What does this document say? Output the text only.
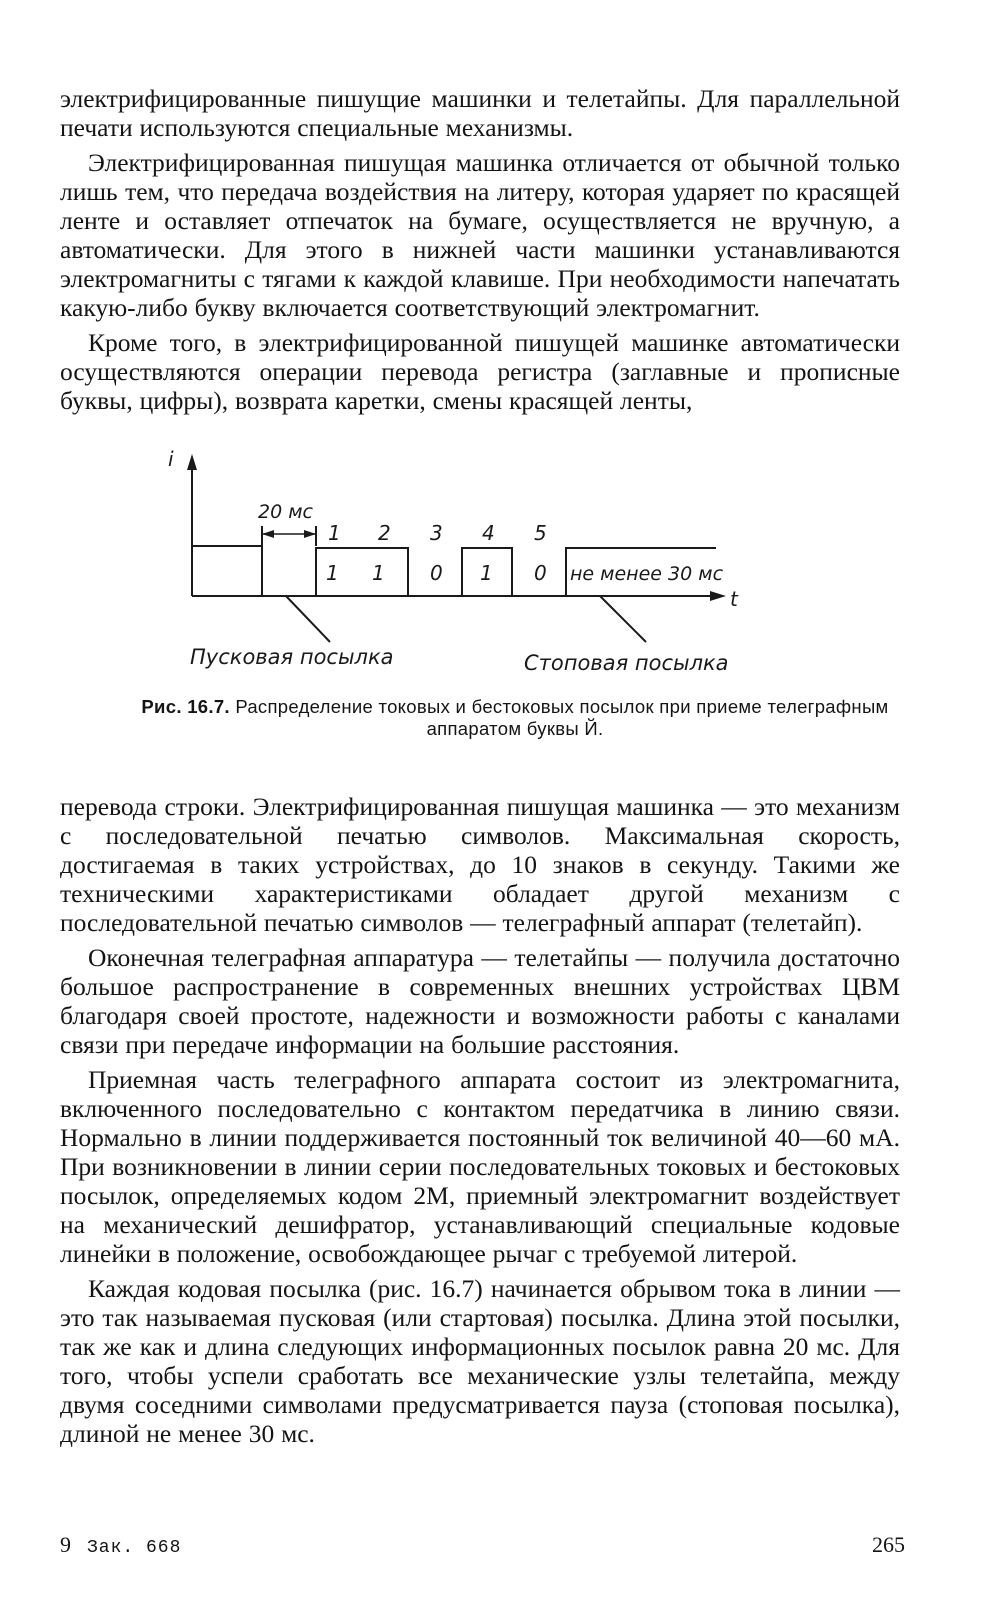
электрифицированные пишущие машинки и телетайпы. Для параллельной печати используются специальные механизмы.

Электрифицированная пишущая машинка отличается от обычной только лишь тем, что передача воздействия на литеру, которая ударяет по красящей ленте и оставляет отпечаток на бумаге, осуществляется не вручную, а автоматически. Для этого в нижней части машинки устанавливаются электромагниты с тягами к каждой клавише. При необходимости напечатать какую-либо букву включается соответствующий электромагнит.

Кроме того, в электрифицированной пишущей машинке автоматически осуществляются операции перевода регистра (заглавные и прописные буквы, цифры), возврата каретки, смены красящей ленты,

i
t
20 мс
1 2 3 4 5
1 1 0 1 0 не менее 30 мс
Пусковая посылка	Стоповая посылка
Рис. 16.7. Распределение токовых и бестоковых посылок при приеме телеграфным аппаратом буквы Й.

перевода строки. Электрифицированная пишущая машинка — это механизм с последовательной печатью символов. Максимальная скорость, достигаемая в таких устройствах, до 10 знаков в секунду. Такими же техническими характеристиками обладает другой механизм с последовательной печатью символов — телеграфный аппарат (телетайп).

Оконечная телеграфная аппаратура — телетайпы — получила достаточно большое распространение в современных внешних устройствах ЦВМ благодаря своей простоте, надежности и возможности работы с каналами связи при передаче информации на большие расстояния.

Приемная часть телеграфного аппарата состоит из электромагнита, включенного последовательно с контактом передатчика в линию связи. Нормально в линии поддерживается постоянный ток величиной 40—60 мА. При возникновении в линии серии последовательных токовых и бестоковых посылок, определяемых кодом 2М, приемный электромагнит воздействует на механический дешифратор, устанавливающий специальные кодовые линейки в положение, освобождающее рычаг с требуемой литерой.

Каждая кодовая посылка (рис. 16.7) начинается обрывом тока в линии — это так называемая пусковая (или стартовая) посылка. Длина этой посылки, так же как и длина следующих информационных посылок равна 20 мс. Для того, чтобы успели сработать все механические узлы телетайпа, между двумя соседними символами предусматривается пауза (стоповая посылка), длиной не менее 30 мс.

9 Зак. 668	265
